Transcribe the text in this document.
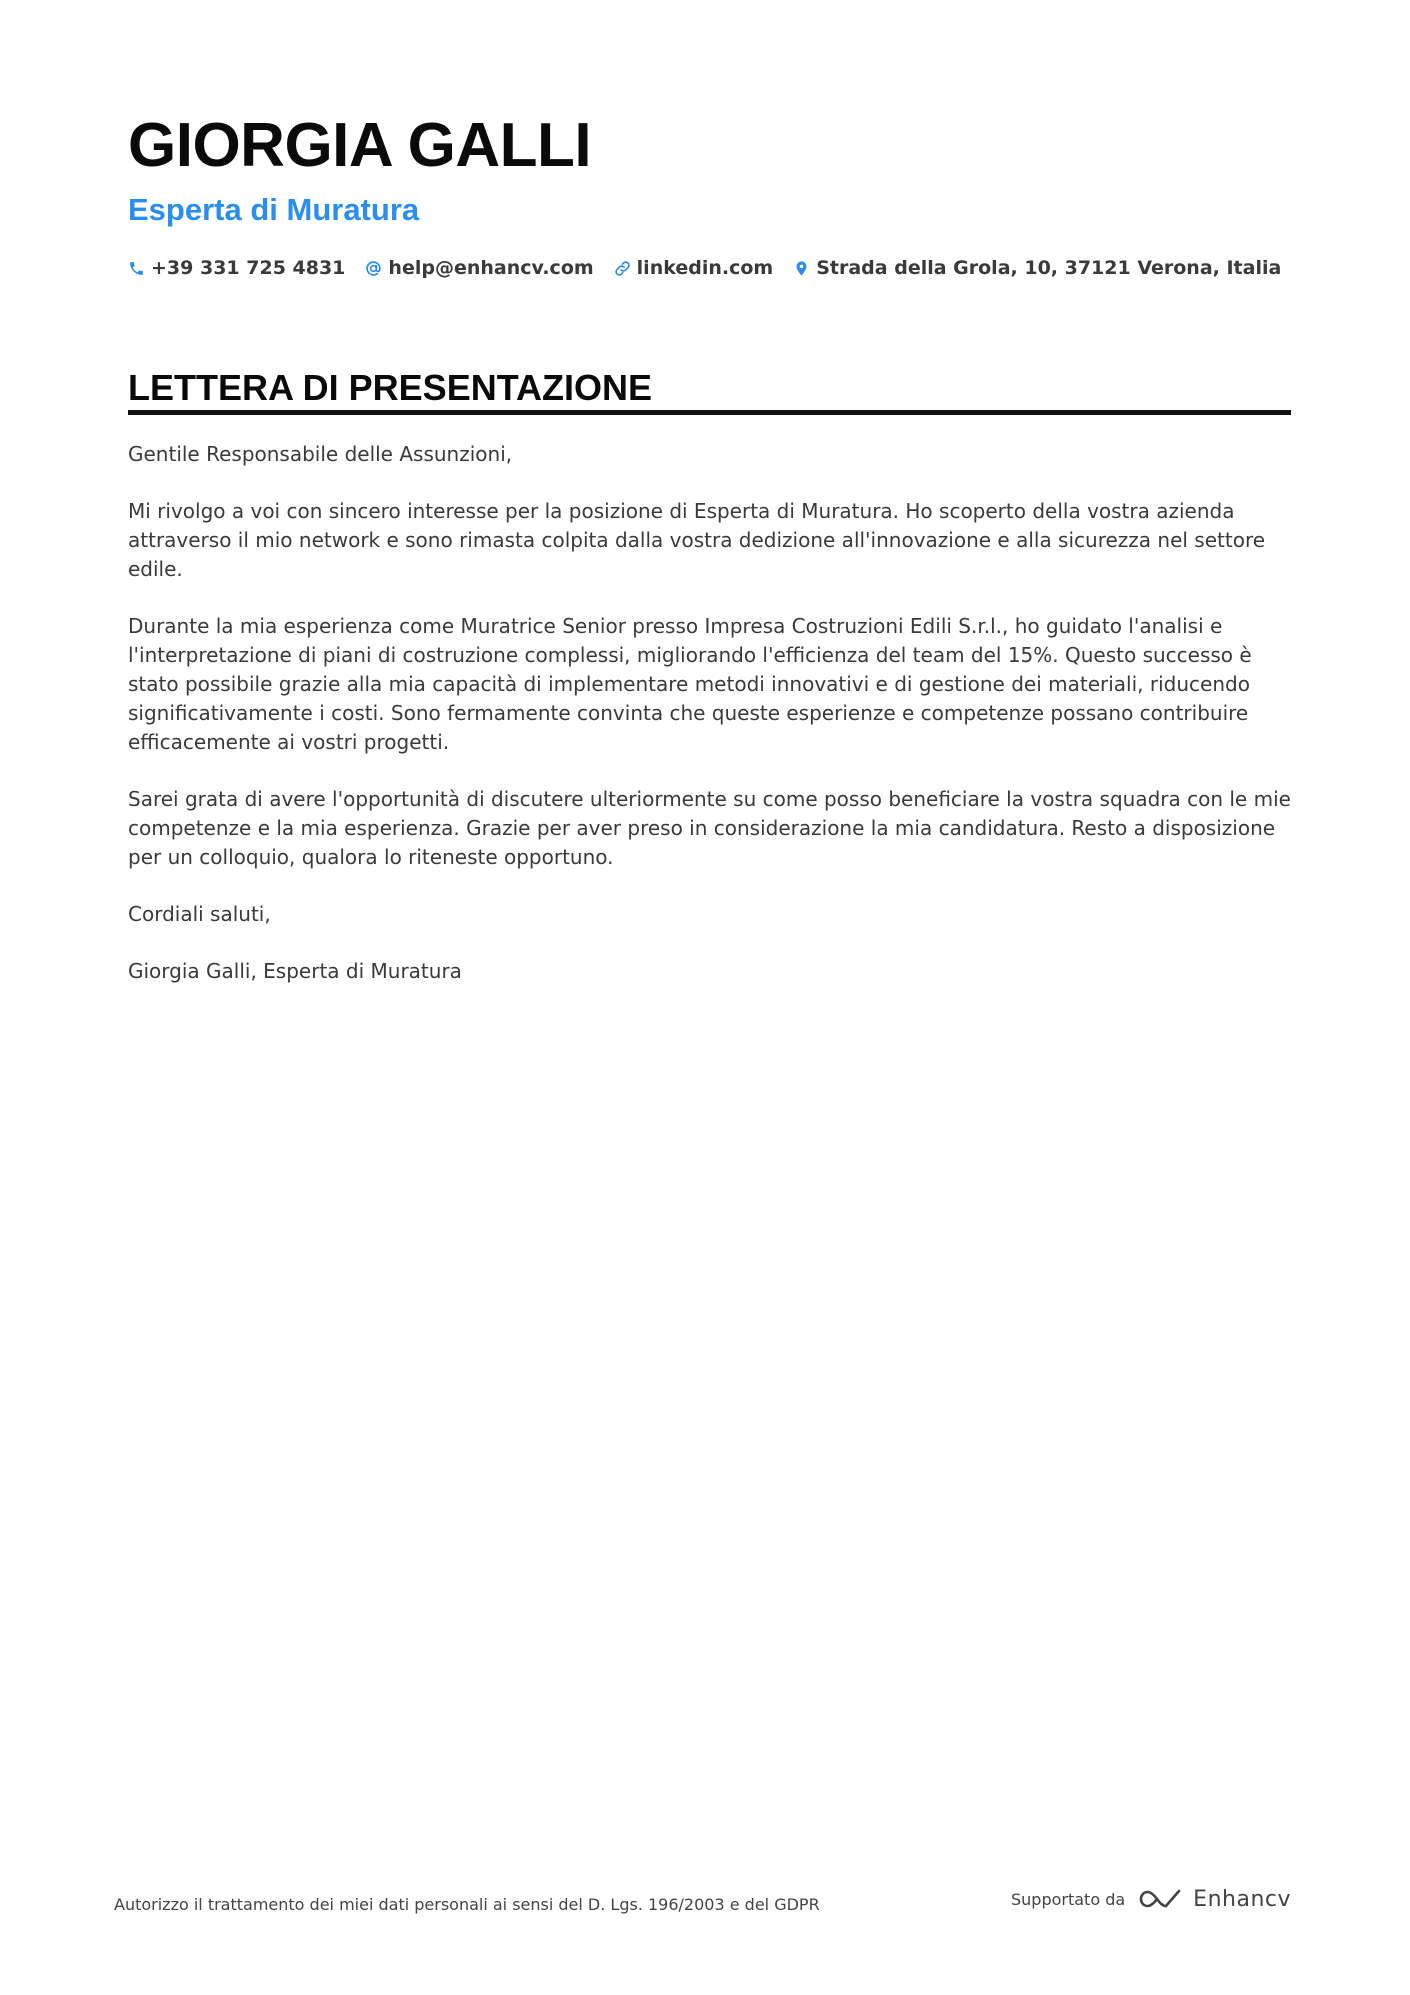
GIORGIA GALLI
Esperta di Muratura
+39 331 725 4831 help@enhancv.com linkedin.com Strada della Grola, 10, 37121 Verona, Italia
LETTERA DI PRESENTAZIONE

Gentile Responsabile delle Assunzioni,

Mi rivolgo a voi con sincero interesse per la posizione di Esperta di Muratura. Ho scoperto della vostra azienda attraverso il mio network e sono rimasta colpita dalla vostra dedizione all'innovazione e alla sicurezza nel settore edile.

Durante la mia esperienza come Muratrice Senior presso Impresa Costruzioni Edili S.r.l., ho guidato l'analisi e l'interpretazione di piani di costruzione complessi, migliorando l'efficienza del team del 15%. Questo successo è stato possibile grazie alla mia capacità di implementare metodi innovativi e di gestione dei materiali, riducendo significativamente i costi. Sono fermamente convinta che queste esperienze e competenze possano contribuire efficacemente ai vostri progetti.

Sarei grata di avere l'opportunità di discutere ulteriormente su come posso beneficiare la vostra squadra con le mie competenze e la mia esperienza. Grazie per aver preso in considerazione la mia candidatura. Resto a disposizione per un colloquio, qualora lo riteneste opportuno.

Cordiali saluti,

Giorgia Galli, Esperta di Muratura

Autorizzo il trattamento dei miei dati personali ai sensi del D. Lgs. 196/2003 e del GDPR	Supportato da	Enhancv
